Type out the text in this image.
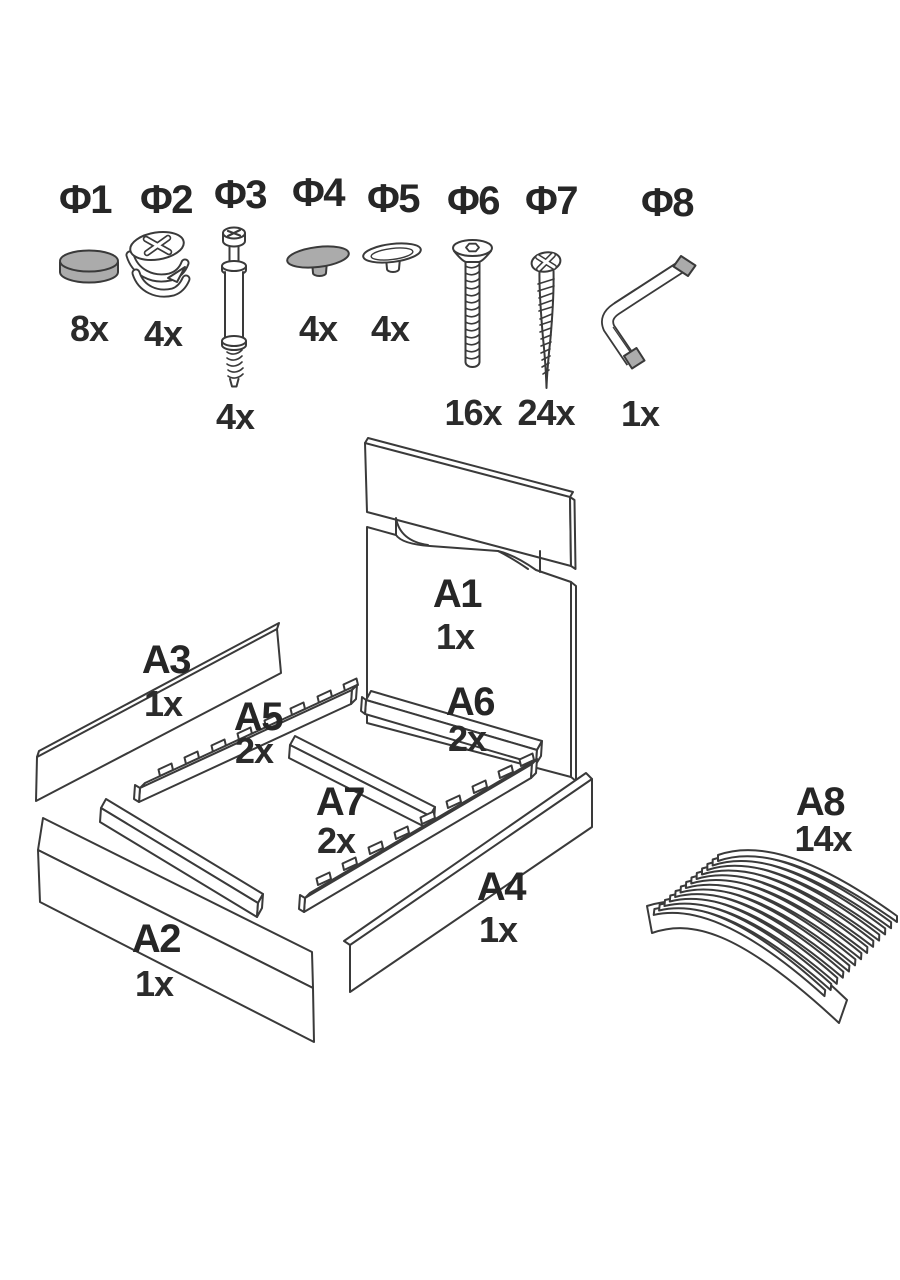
Φ1
8x
Φ2
4x
Φ3
4x
Φ4
4x
Φ5
4x
Φ6
16x
Φ7
24x
Φ8
1x
A1
1x
A6
2x
A3
1x A5
2x
A7
2x
A2
1x
A4
1x
A8
14x
